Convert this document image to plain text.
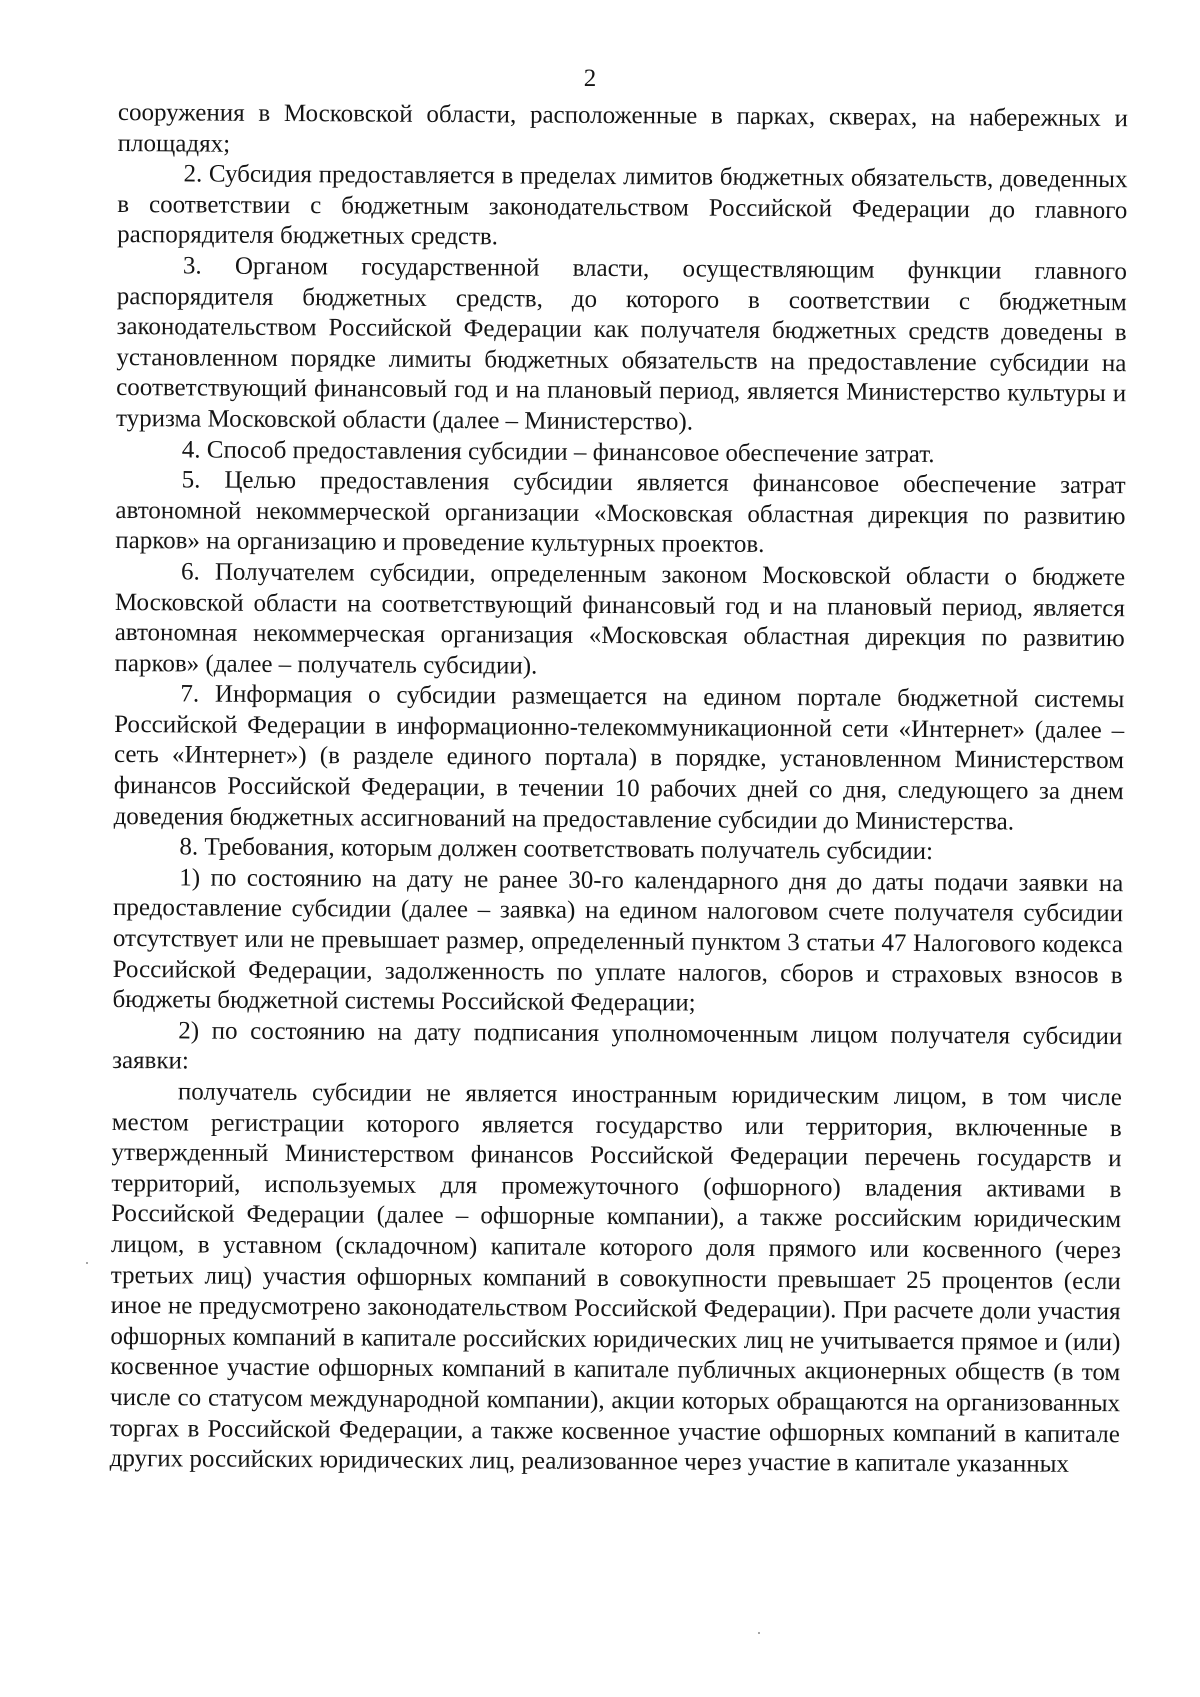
2

сооружения в Московской области, расположенные в парках, скверах, на набережных и площадях;

2. Субсидия предоставляется в пределах лимитов бюджетных обязательств, доведенных в соответствии с бюджетным законодательством Российской Федерации до главного распорядителя бюджетных средств.

3. Органом государственной власти, осуществляющим функции главного распорядителя бюджетных средств, до которого в соответствии с бюджетным законодательством Российской Федерации как получателя бюджетных средств доведены в установленном порядке лимиты бюджетных обязательств на предоставление субсидии на соответствующий финансовый год и на плановый период, является Министерство культуры и туризма Московской области (далее – Министерство).

4. Способ предоставления субсидии – финансовое обеспечение затрат.

5. Целью предоставления субсидии является финансовое обеспечение затрат автономной некоммерческой организации «Московская областная дирекция по развитию парков» на организацию и проведение культурных проектов.

6. Получателем субсидии, определенным законом Московской области о бюджете Московской области на соответствующий финансовый год и на плановый период, является автономная некоммерческая организация «Московская областная дирекция по развитию парков» (далее – получатель субсидии).

7. Информация о субсидии размещается на едином портале бюджетной системы Российской Федерации в информационно-телекоммуникационной сети «Интернет» (далее – сеть «Интернет») (в разделе единого портала) в порядке, установленном Министерством финансов Российской Федерации, в течении 10 рабочих дней со дня, следующего за днем доведения бюджетных ассигнований на предоставление субсидии до Министерства.

8. Требования, которым должен соответствовать получатель субсидии:

1) по состоянию на дату не ранее 30-го календарного дня до даты подачи заявки на предоставление субсидии (далее – заявка) на едином налоговом счете получателя субсидии отсутствует или не превышает размер, определенный пунктом 3 статьи 47 Налогового кодекса Российской Федерации, задолженность по уплате налогов, сборов и страховых взносов в бюджеты бюджетной системы Российской Федерации;

2) по состоянию на дату подписания уполномоченным лицом получателя субсидии заявки:

получатель субсидии не является иностранным юридическим лицом, в том числе местом регистрации которого является государство или территория, включенные в утвержденный Министерством финансов Российской Федерации перечень государств и территорий, используемых для промежуточного (офшорного) владения активами в Российской Федерации (далее – офшорные компании), а также российским юридическим лицом, в уставном (складочном) капитале которого доля прямого или косвенного (через третьих лиц) участия офшорных компаний в совокупности превышает 25 процентов (если иное не предусмотрено законодательством Российской Федерации). При расчете доли участия офшорных компаний в капитале российских юридических лиц не учитывается прямое и (или) косвенное участие офшорных компаний в капитале публичных акционерных обществ (в том числе со статусом международной компании), акции которых обращаются на организованных торгах в Российской Федерации, а также косвенное участие офшорных компаний в капитале других российских юридических лиц, реализованное через участие в капитале указанных
